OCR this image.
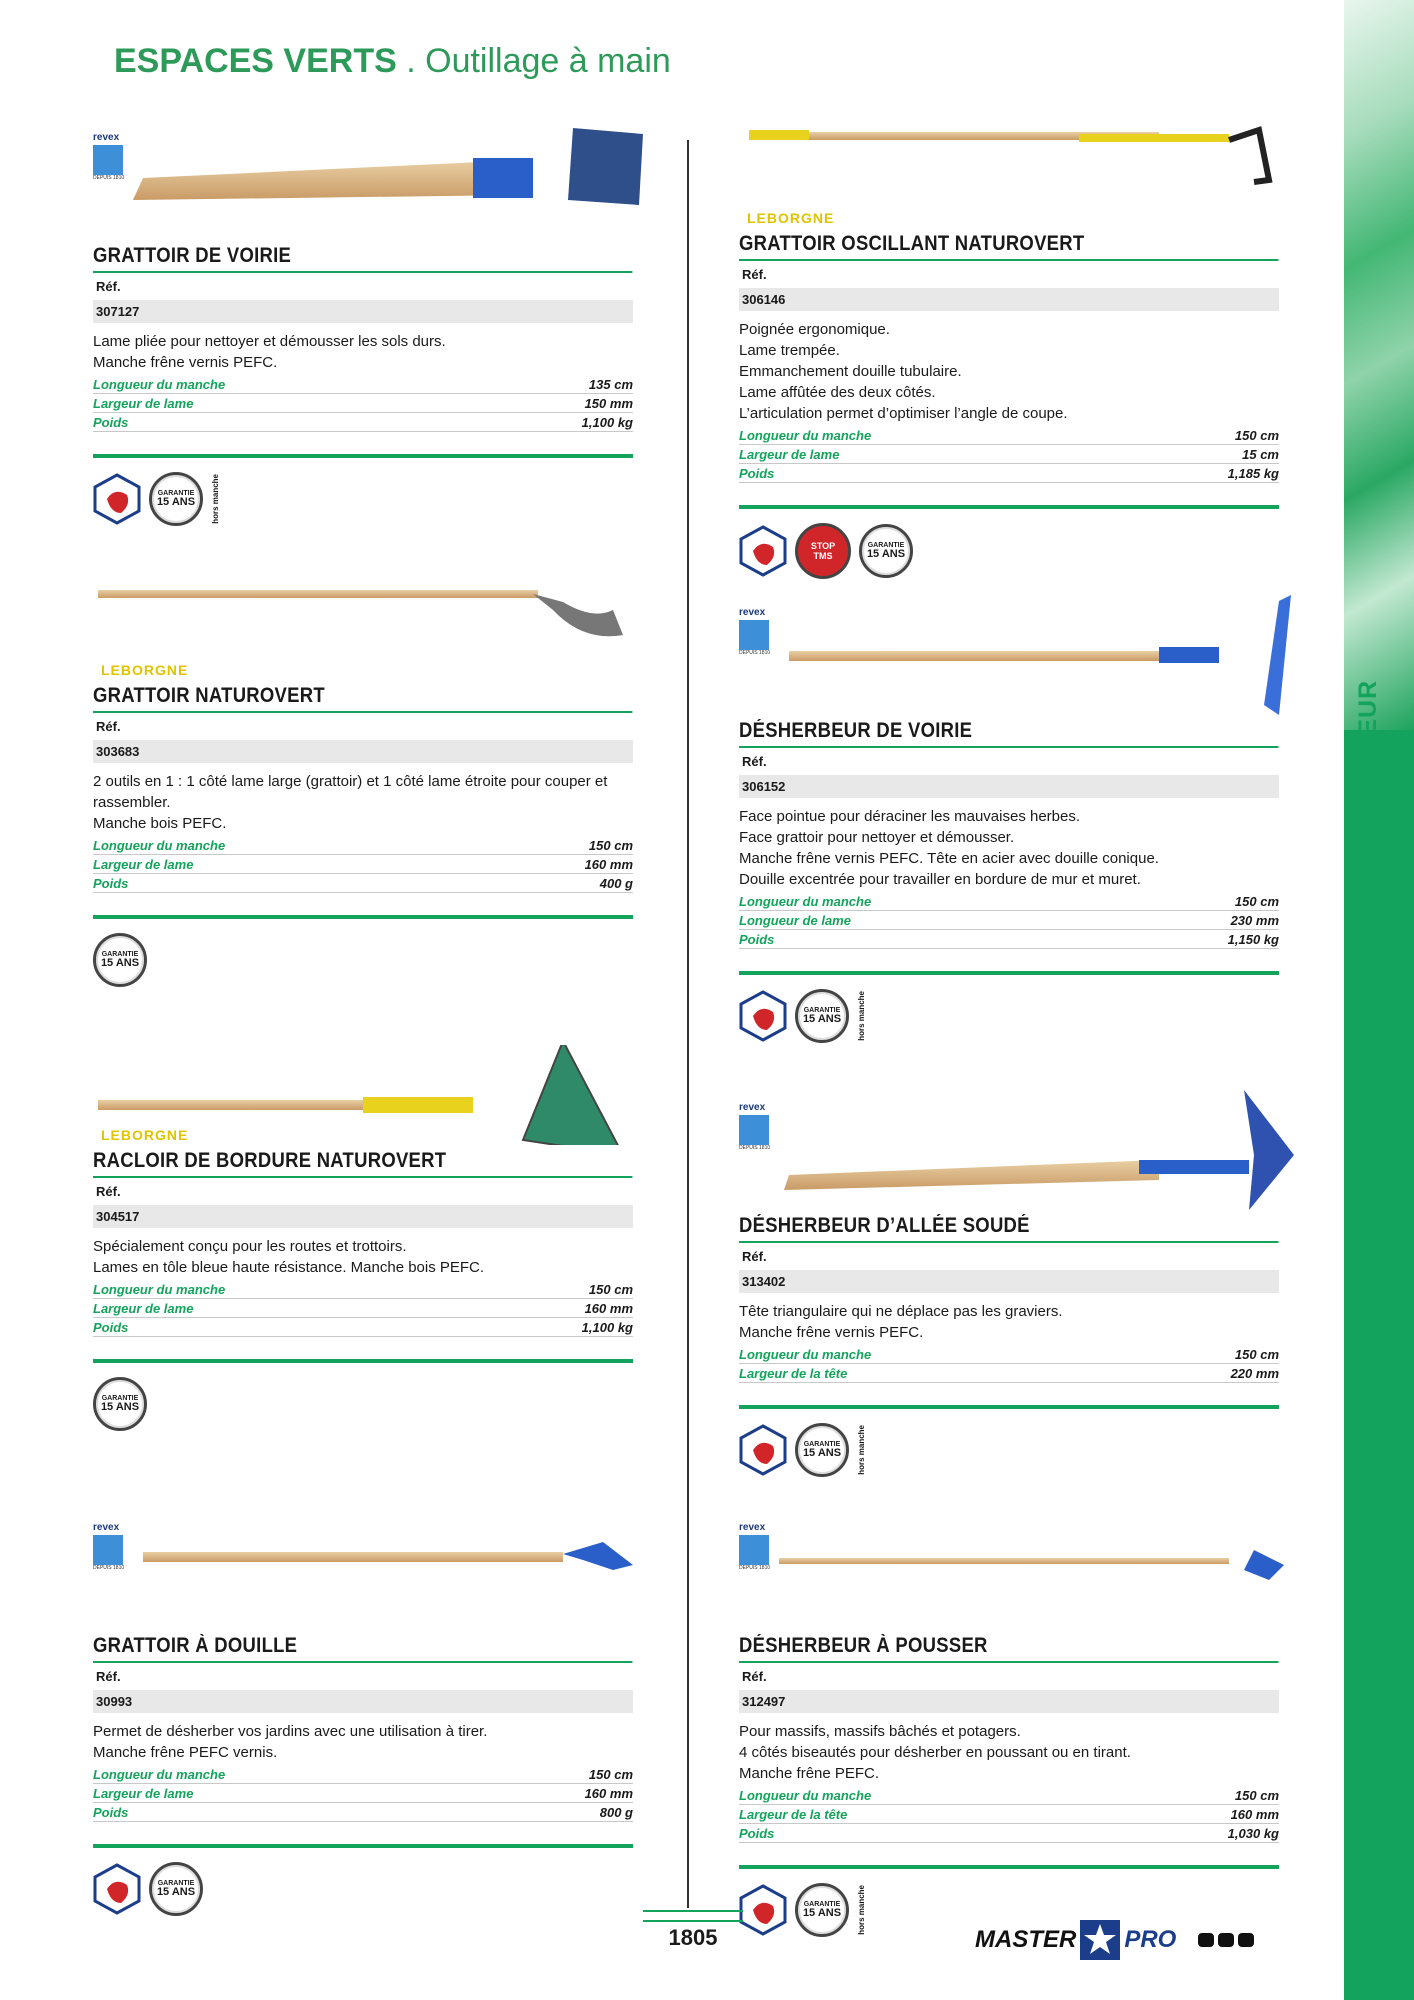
ESPACES VERTS . Outillage à main
revex
DEPUIS 1810
GRATTOIR DE VOIRIE
Réf.
307127
Lame pliée pour nettoyer et démousser les sols durs.
Manche frêne vernis PEFC.
Longueur du manche	135 cm
Largeur de lame	150 mm
Poids	1,100 kg
GARANTIE
15 ANS hors manche
LEBORGNE
GRATTOIR OSCILLANT NATUROVERT
Réf.
306146
Poignée ergonomique.
Lame trempée.
Emmanchement douille tubulaire.
Lame affûtée des deux côtés.
L’articulation permet d’optimiser l’angle de coupe.
Longueur du manche	150 cm
Largeur de lame	15 cm
Poids	1,185 kg
STOP
TMS
GARANTIE
15 ANS
LEBORGNE
GRATTOIR NATUROVERT
Réf.
303683
2 outils en 1 : 1 côté lame large (grattoir) et 1 côté lame étroite pour couper et
rassembler.
Manche bois PEFC.
Longueur du manche	150 cm
Largeur de lame	160 mm
Poids	400 g
GARANTIE
15 ANS
revex
DEPUIS 1810
DÉSHERBEUR DE VOIRIE
Réf.
306152
Face pointue pour déraciner les mauvaises herbes.
Face grattoir pour nettoyer et démousser.
Manche frêne vernis PEFC. Tête en acier avec douille conique.
Douille excentrée pour travailler en bordure de mur et muret.
Longueur du manche	150 cm
Longueur de lame	230 mm
Poids	1,150 kg
GARANTIE
15 ANS hors manche
LEBORGNE
RACLOIR DE BORDURE NATUROVERT
Réf.
304517
Spécialement conçu pour les routes et trottoirs.
Lames en tôle bleue haute résistance. Manche bois PEFC.
Longueur du manche	150 cm
Largeur de lame	160 mm
Poids	1,100 kg
GARANTIE
15 ANS
revex
DEPUIS 1810
DÉSHERBEUR D’ALLÉE SOUDÉ
Réf.
313402
Tête triangulaire qui ne déplace pas les graviers.
Manche frêne vernis PEFC.
Longueur du manche	150 cm
Largeur de la tête	220 mm
GARANTIE
15 ANS hors manche
revex
DEPUIS 1810
GRATTOIR À DOUILLE
Réf.
30993
Permet de désherber vos jardins avec une utilisation à tirer.
Manche frêne PEFC vernis.
Longueur du manche	150 cm
Largeur de lame	160 mm
Poids	800 g
GARANTIE
15 ANS
revex
DEPUIS 1810
DÉSHERBEUR À POUSSER
Réf.
312497
Pour massifs, massifs bâchés et potagers.
4 côtés biseautés pour désherber en poussant ou en tirant.
Manche frêne PEFC.
Longueur du manche	150 cm
Largeur de la tête	160 mm
Poids	1,030 kg
GARANTIE
15 ANS hors manche
1805	MASTER PRO
